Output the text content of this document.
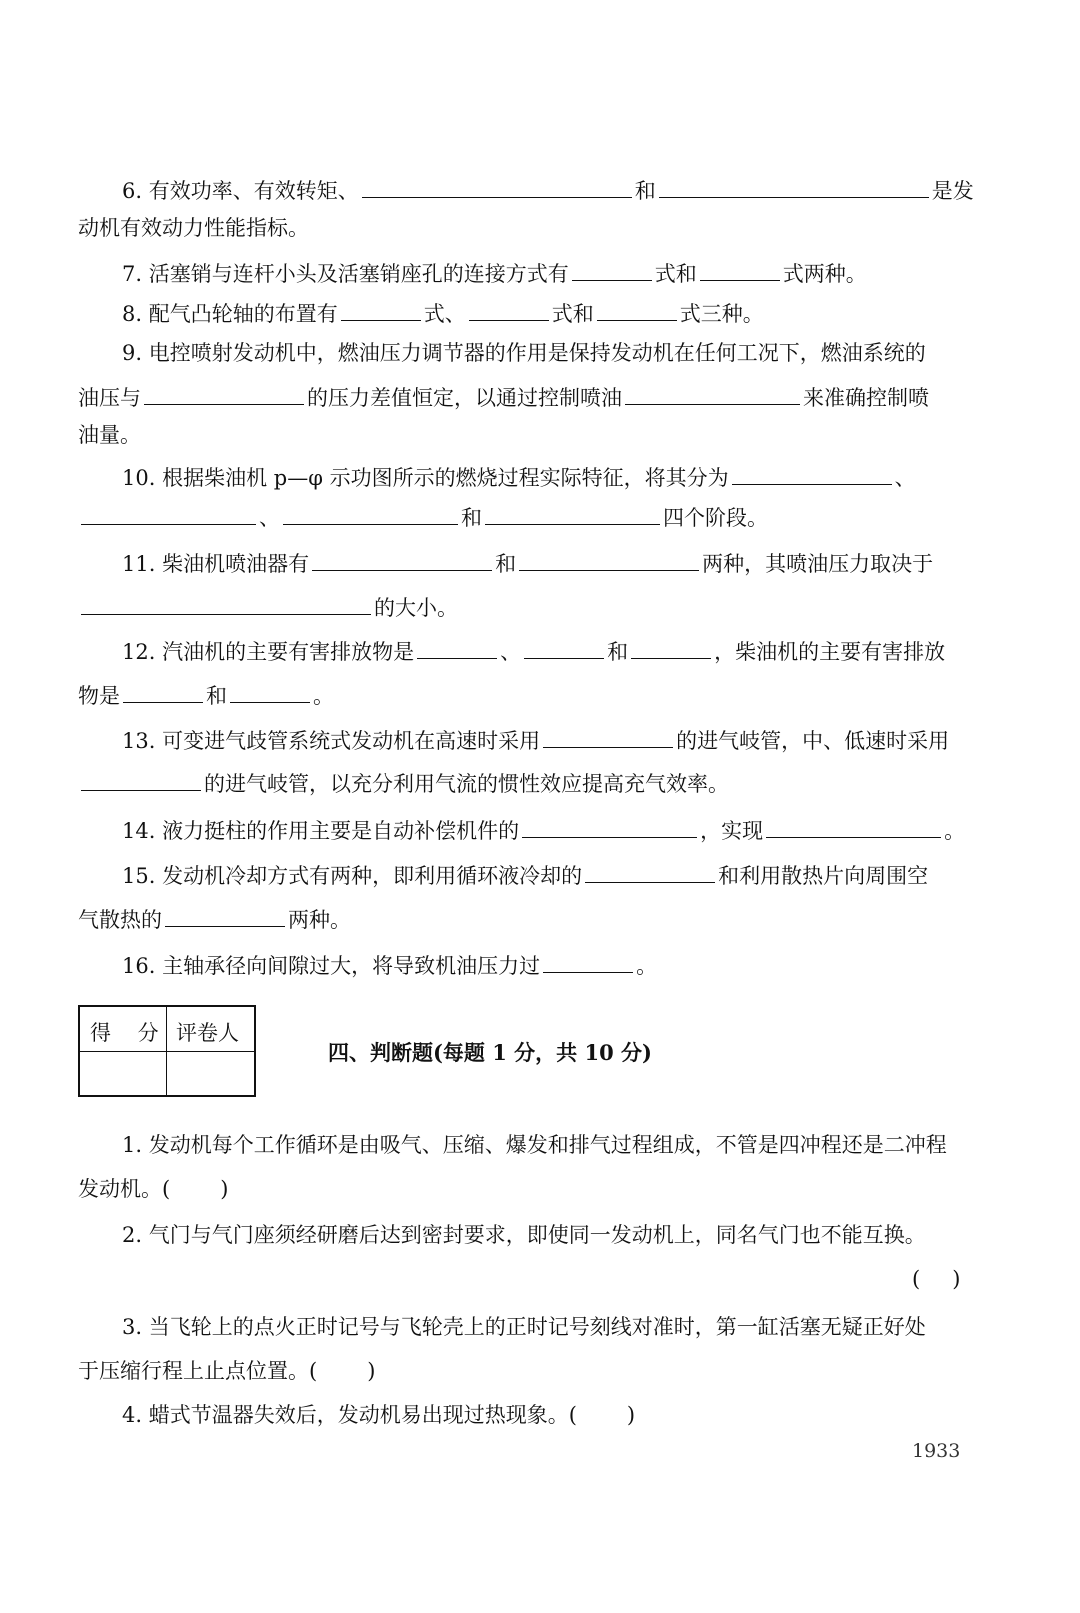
6. 有效功率、有效转矩、	和	是发
动机有效动力性能指标。
7. 活塞销与连杆小头及活塞销座孔的连接方式有	式和	式两种。
8. 配气凸轮轴的布置有	式、	式和	式三种。
9. 电控喷射发动机中，燃油压力调节器的作用是保持发动机在任何工况下，燃油系统的
油压与	的压力差值恒定，以通过控制喷油	来准确控制喷
油量。
10. 根据柴油机 p—φ 示功图所示的燃烧过程实际特征，将其分为	、
、	和	四个阶段。
11. 柴油机喷油器有	和	两种，其喷油压力取决于
的大小。
12. 汽油机的主要有害排放物是	、	和	，柴油机的主要有害排放
物是	和	。
13. 可变进气歧管系统式发动机在高速时采用	的进气岐管，中、低速时采用
的进气岐管，以充分利用气流的惯性效应提高充气效率。
14. 液力挺柱的作用主要是自动补偿机件的	，实现	。
15. 发动机冷却方式有两种，即利用循环液冷却的	和利用散热片向周围空
气散热的	两种。
16. 主轴承径向间隙过大，将导致机油压力过	。
得 分 评卷人
四、判断题(每题 1 分，共 10 分)
1. 发动机每个工作循环是由吸气、压缩、爆发和排气过程组成，不管是四冲程还是二冲程
发动机。( )
2. 气门与气门座须经研磨后达到密封要求，即使同一发动机上，同名气门也不能互换。
( )
3. 当飞轮上的点火正时记号与飞轮壳上的正时记号刻线对准时，第一缸活塞无疑正好处
于压缩行程上止点位置。( )
4. 蜡式节温器失效后，发动机易出现过热现象。( )
1933
